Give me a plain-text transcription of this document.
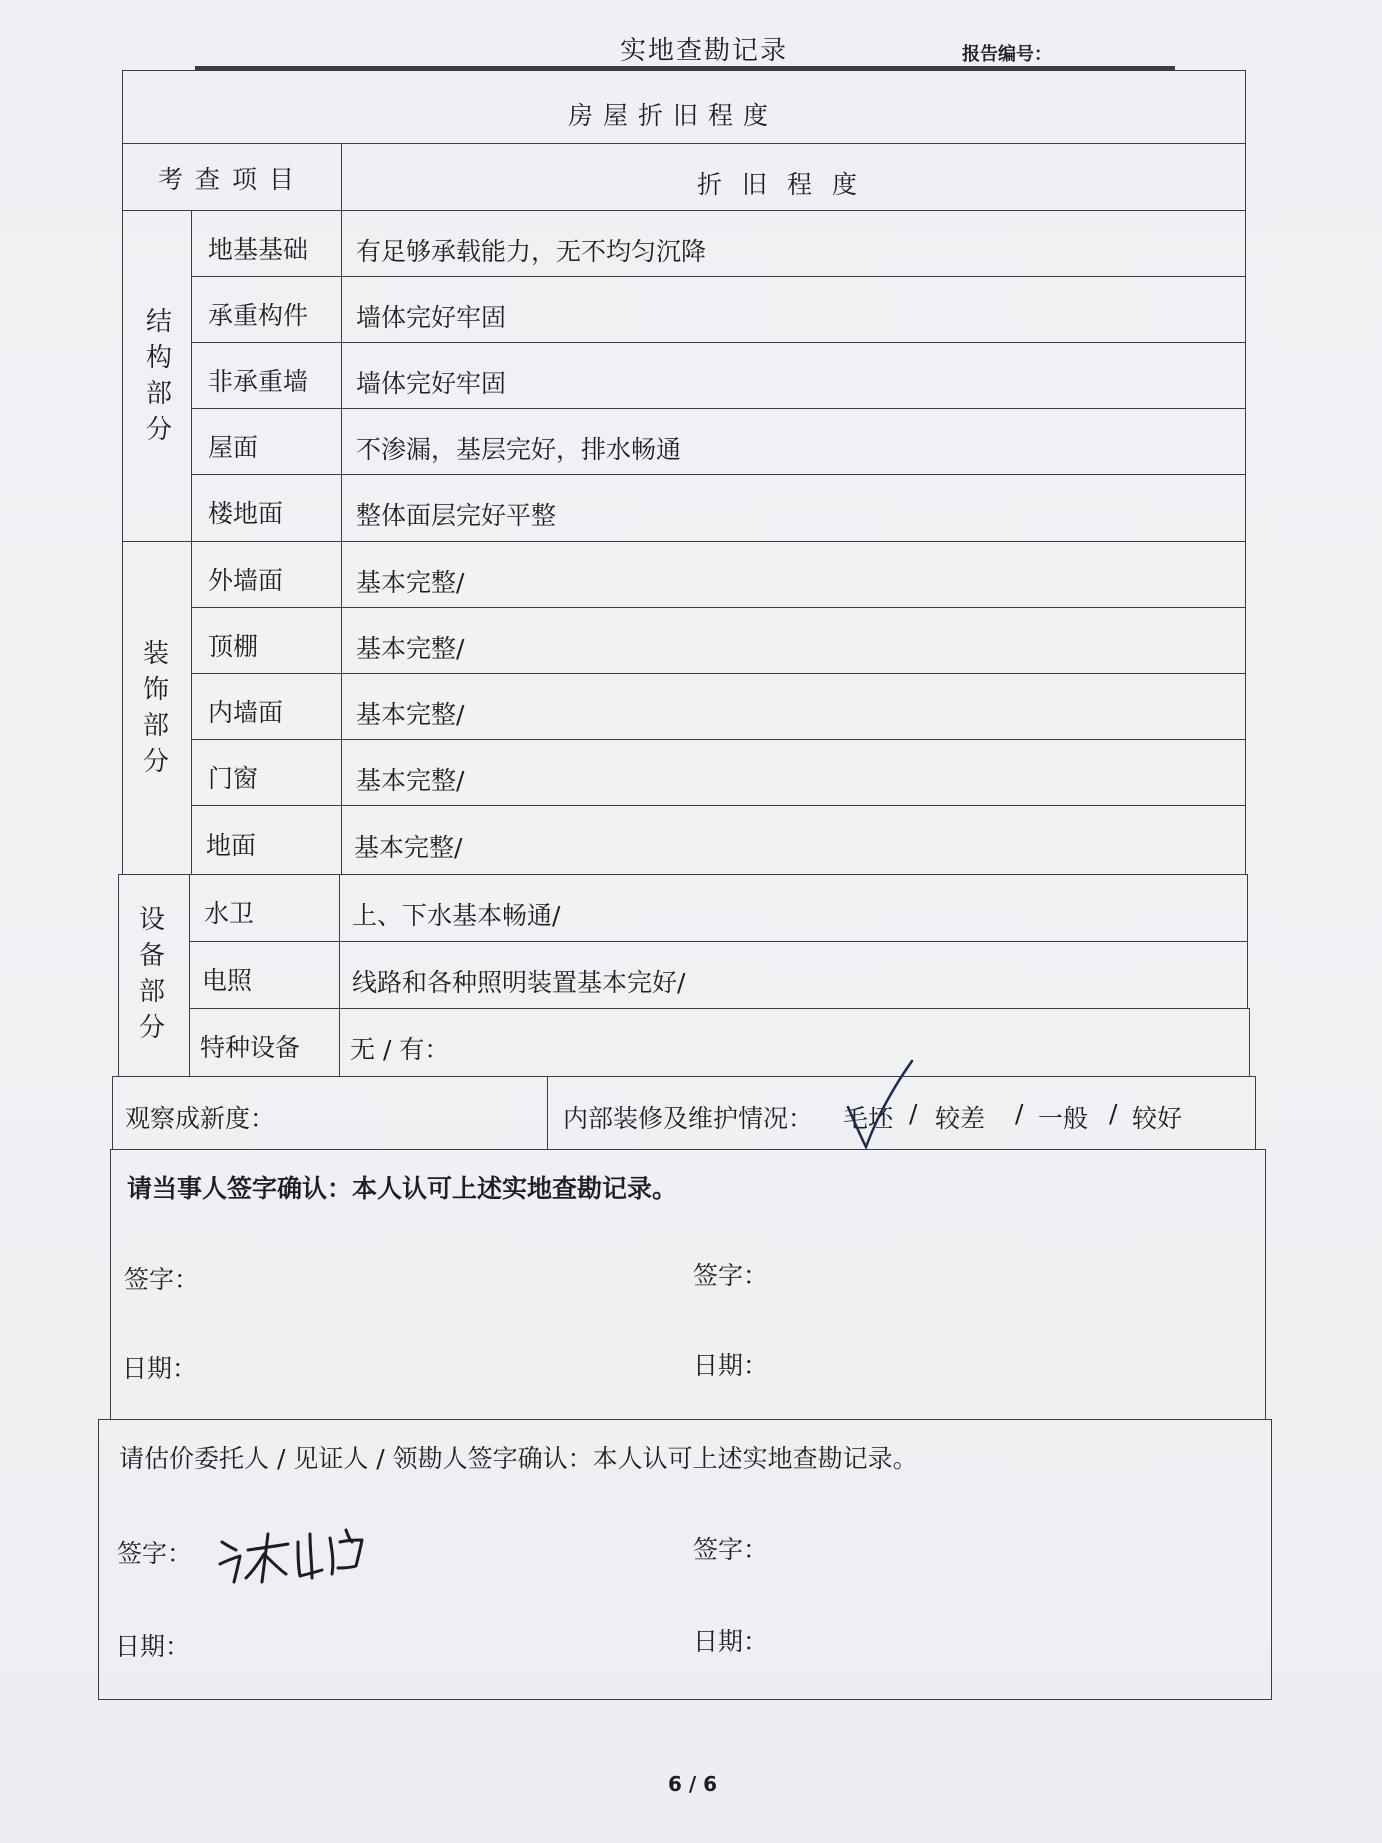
实地查勘记录	报告编号：
房屋折旧程度
考查项目	折旧程度
结构部分
地基基础 有足够承载能力，无不均匀沉降
承重构件 墙体完好牢固
非承重墙 墙体完好牢固
屋面	不渗漏，基层完好，排水畅通
楼地面	整体面层完好平整
装饰部分
外墙面	基本完整/
顶棚	基本完整/
内墙面	基本完整/
门窗	基本完整/
地面	基本完整/
设备部分
水卫	上、下水基本畅通/
电照	线路和各种照明装置基本完好/
特种设备 无 / 有：
观察成新度：	内部装修及维护情况： 毛坯 / 较差 / 一般 / 较好
请当事人签字确认：本人认可上述实地查勘记录。
签字：	签字：
日期：	日期：
请估价委托人 / 见证人 / 领勘人签字确认：本人认可上述实地查勘记录。
签字：	签字：
日期：	日期：
6 / 6
